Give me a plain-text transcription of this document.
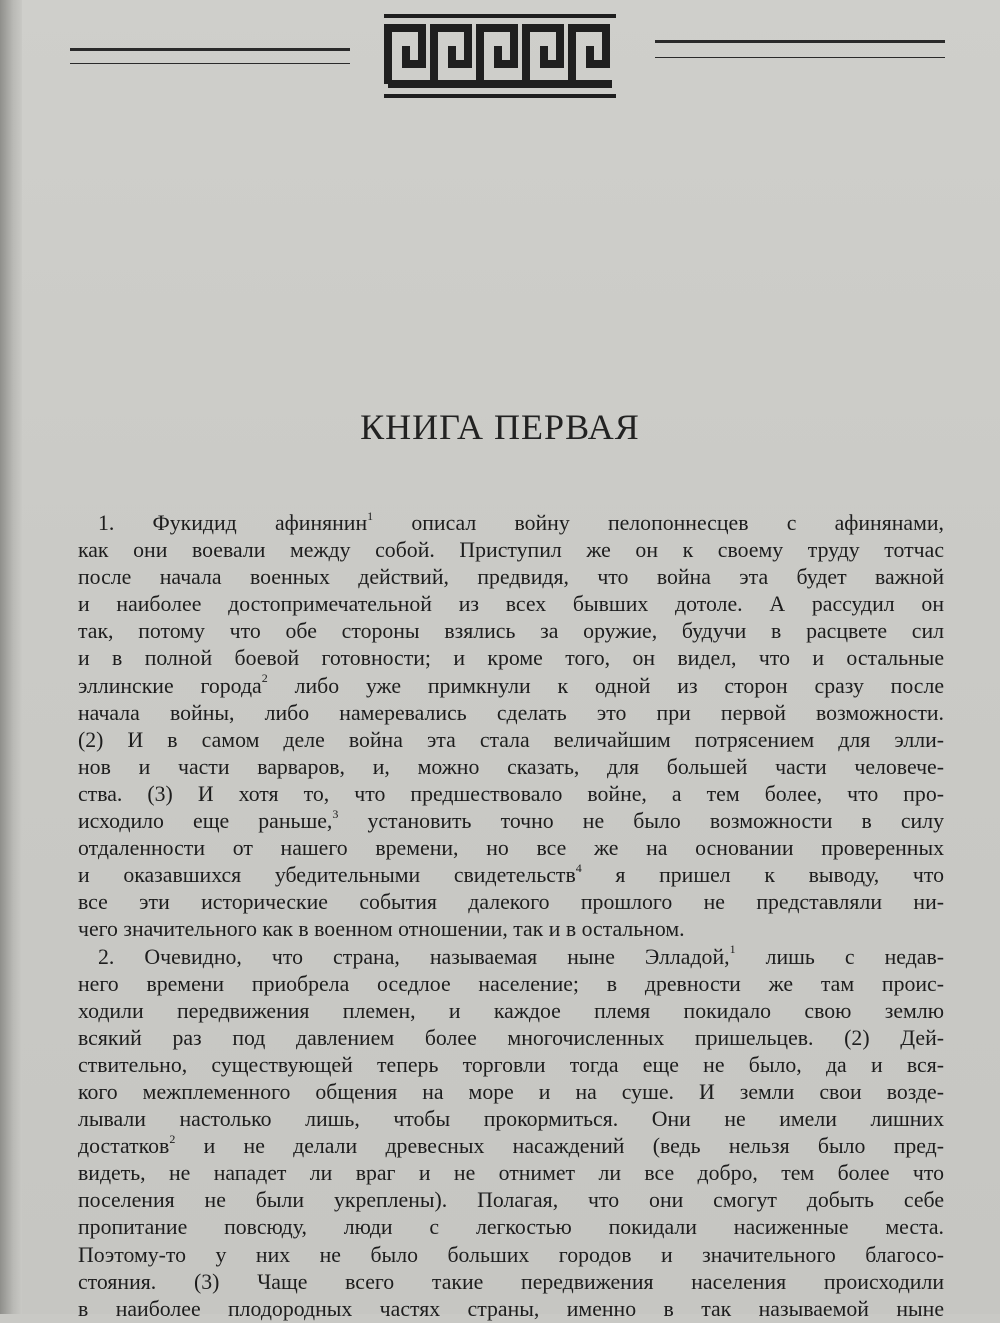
КНИГА ПЕРВАЯ
1. Фукидид афинянин$^1$ описал войну пелопоннесцев с афинянами,
как они воевали между собой. Приступил же он к своему труду тотчас
после начала военных действий, предвидя, что война эта будет важной
и наиболее достопримечательной из всех бывших дотоле. А рассудил он
так, потому что обе стороны взялись за оружие, будучи в расцвете сил
и в полной боевой готовности; и кроме того, он видел, что и остальные
эллинские города$^2$ либо уже примкнули к одной из сторон сразу после
начала войны, либо намеревались сделать это при первой возможности.
(2) И в самом деле война эта стала величайшим потрясением для элли-
нов и части варваров, и, можно сказать, для большей части человече-
ства. (3) И хотя то, что предшествовало войне, а тем более, что про-
исходило еще раньше,$^3$ установить точно не было возможности в силу
отдаленности от нашего времени, но все же на основании проверенных
и оказавшихся убедительными свидетельств$^4$ я пришел к выводу, что
все эти исторические события далекого прошлого не представляли ни-
чего значительного как в военном отношении, так и в остальном.
2. Очевидно, что страна, называемая ныне Элладой,$^1$ лишь с недав-
него времени приобрела оседлое население; в древности же там проис-
ходили передвижения племен, и каждое племя покидало свою землю
всякий раз под давлением более многочисленных пришельцев. (2) Дей-
ствительно, существующей теперь торговли тогда еще не было, да и вся-
кого межплеменного общения на море и на суше. И земли свои возде-
лывали настолько лишь, чтобы прокормиться. Они не имели лишних
достатков$^2$ и не делали древесных насаждений (ведь нельзя было пред-
видеть, не нападет ли враг и не отнимет ли все добро, тем более что
поселения не были укреплены). Полагая, что они смогут добыть себе
пропитание повсюду, люди с легкостью покидали насиженные места.
Поэтому-то у них не было больших городов и значительного благосо-
стояния. (3) Чаще всего такие передвижения населения происходили
в наиболее плодородных частях страны, именно в так называемой ныне
